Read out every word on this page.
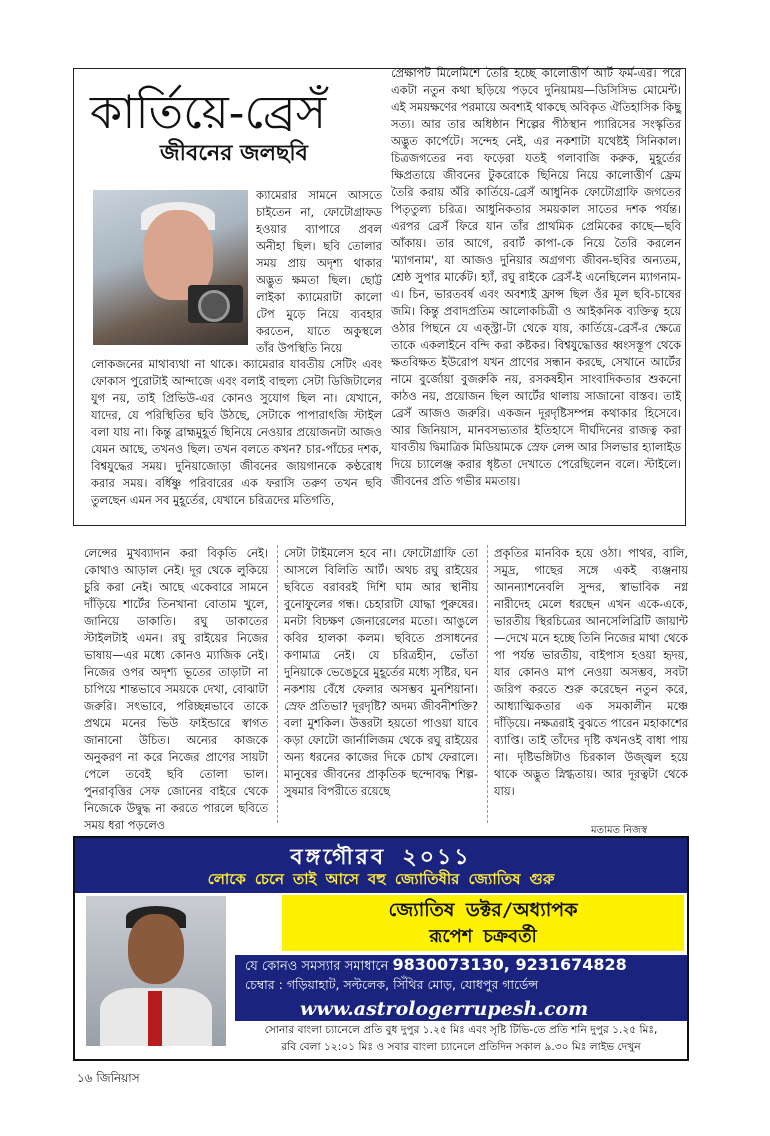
কার্তিয়ে-ব্রেসঁ
জীবনের জলছবি

ক্যামেরার সামনে আসতে চাইতেন না, ফোটোগ্রাফড হওয়ার ব্যাপারে প্রবল অনীহা ছিল। ছবি তোলার সময় প্রায় অদৃশ্য থাকার অদ্ভুত ক্ষমতা ছিল। ছোট্ট লাইকা ক্যামেরাটা কালো টেপ মুড়ে নিয়ে ব্যবহার করতেন, যাতে অকুস্থলে তাঁর উপস্থিতি নিয়ে

লোকজনের মাথাব্যথা না থাকে। ক্যামেরার যাবতীয় সেটিং এবং ফোকাস পুরোটাই আন্দাজে এবং বলাই বাহুল্য সেটা ডিজিটালের যুগ নয়, তাই প্রিভিউ-এর কোনও সুযোগ ছিল না। যেখানে, যাদের, যে পরিস্থিতির ছবি উঠছে, সেটাকে পাপারাৎজি স্টাইল বলা যায় না। কিন্তু ব্রাহ্মমুহূর্ত ছিনিয়ে নেওয়ার প্রয়োজনটা আজও যেমন আছে, তখনও ছিল। তখন বলতে কখন? চার-পাঁচের দশক, বিশ্বযুদ্ধের সময়। দুনিয়াজোড়া জীবনের জায়গানকে কণ্ঠরোধ করার সময়। বর্ধিষ্ণু পরিবারের এক ফরাসি তরুণ তখন ছবি তুলছেন এমন সব মুহূর্তের, যেখানে চরিত্রদের মতিগতি,

প্রেক্ষাপট মিলেমিশে তৈরি হচ্ছে কালোত্তীর্ণ আর্ট ফর্ম-এর। পরে একটা নতুন কথা ছড়িয়ে পড়বে দুনিয়াময়—ডিসিসিভ মোমেন্ট। এই সময়ক্ষণের পরমায়ে অবশ্যই থাকছে অবিকৃত ঐতিহাসিক কিছু সত্য। আর তার অধিষ্ঠান শিল্পের পীঠস্থান প্যারিসের সংস্কৃতির অদ্ভুত কার্পেটে। সন্দেহ নেই, এর নকশাটা যথেষ্টই সিনিকাল। চিত্রজগতের নব্য ফড়েরা যতই গলাবাজি করুক, মুহূর্তের ক্ষিপ্রতায়ে জীবনের টুকরোকে ছিনিয়ে নিয়ে কালোত্তীর্ণ ফ্রেম তৈরি করায় অঁরি কার্তিয়ে-ব্রেসঁ আধুনিক ফোটোগ্রাফি জগতের পিতৃতুল্য চরিত্র। আধুনিকতার সময়কাল সাতের দশক পর্যন্ত। এরপর ব্রেসঁ ফিরে যান তাঁর প্রাথমিক প্রেমিকের কাছে—ছবি আঁকায়। তার আগে, রবার্ট কাপা-কে নিয়ে তৈরি করলেন 'ম্যাগনাম', যা আজও দুনিয়ার অগ্রগণ্য জীবন-ছবির অন্যতম, শ্রেষ্ঠ সুপার মার্কেট। হ্যাঁ, রঘু রাইকে ব্রেসঁ-ই এনেছিলেন ম্যাগনাম-এ। চিন, ভারতবর্ষ এবং অবশ্যই ফ্রান্স ছিল ওঁর মূল ছবি-চাষের জমি। কিন্তু প্রবাদপ্রতিম আলোকচিত্রী ও আইকনিক ব্যক্তিত্ব হয়ে ওঠার পিছনে যে এক্স্ট্রা-টা থেকে যায়, কার্তিয়ে-ব্রেসঁ-র ক্ষেত্রে তাকে একলাইনে বন্দি করা কষ্টকর। বিশ্বযুদ্ধোত্তর ধ্বংসস্তূপ থেকে ক্ষতবিক্ষত ইউরোপ যখন প্রাণের সন্ধান করছে, সেখানে আর্টের নামে বুর্জোয়া বুজরুকি নয়, রসকষহীন সাংবাদিকতার শুকনো কাঠও নয়, প্রয়োজন ছিল আর্টের থালায় সাজানো বাস্তব। তাই ব্রেসঁ আজও জরুরি। একজন দূরদৃষ্টিসম্পন্ন কথাকার হিসেবে। আর জিনিয়াস, মানবসভ্যতার ইতিহাসে দীর্ঘদিনের রাজত্ব করা যাবতীয় দ্বিমাত্রিক মিডিয়ামকে স্রেফ লেন্স আর সিলভার হ্যালাইড দিয়ে চ্যালেঞ্জ করার ধৃষ্টতা দেখাতে পেরেছিলেন বলে। স্টাইলে। জীবনের প্রতি গভীর মমতায়।

লেন্সের মুখব্যাদান করা বিকৃতি নেই। কোথাও আড়াল নেই। দূর থেকে লুকিয়ে চুরি করা নেই। আছে একেবারে সামনে দাঁড়িয়ে শার্টের তিনখানা বোতাম খুলে, জানিয়ে ডাকাতি। রঘু ডাকাতের স্টাইলটাই এমন। রঘু রাইয়ের নিজের ভাষায়—এর মধ্যে কোনও ম্যাজিক নেই। নিজের ওপর অদৃশ্য ভূতের তাড়াটা না চাপিয়ে শান্তভাবে সময়কে দেখা, বোঝাটা জরুরি। সৎভাবে, পরিচ্ছন্নভাবে তাকে প্রথমে মনের ভিউ ফাইন্ডারে স্বাগত জানানো উচিত। অন্যের কাজকে অনুকরণ না করে নিজের প্রাণের সায়টা পেলে তবেই ছবি তোলা ভাল। পুনরাবৃত্তির সেফ জোনের বাইরে থেকে নিজেকে উদ্বুদ্ধ না করতে পারলে ছবিতে সময় ধরা পড়লেও

সেটা টাইমলেস হবে না। ফোটোগ্রাফি তো আসলে বিলিতি আর্ট। অথচ রঘু রাইয়ের ছবিতে বরাবরই দিশি ঘাম আর স্থানীয় বুনোফুলের গন্ধ। চেহারাটা যোদ্ধা পুরুষের। মনটা বিচক্ষণ জেনারেলের মতো। আঙুলে কবির হালকা কলম। ছবিতে প্রসাধনের কণামাত্র নেই। যে চরিত্রহীন, ভোঁতা দুনিয়াকে ভেঙেচুরে মুহূর্তের মধ্যে সৃষ্টির, ঘন নকশায় বেঁধে ফেলার অসম্ভব মুনশিয়ানা। স্রেফ প্রতিভা? দূরদৃষ্টি? অদম্য জীবনীশক্তি? বলা মুশকিল। উত্তরটা হয়তো পাওয়া যাবে কড়া ফোটো জার্নালিজম থেকে রঘু রাইয়ের অন্য ধরনের কাজের দিকে চোখ ফেরালে। মানুষের জীবনের প্রাকৃতিক ছন্দোবদ্ধ শিল্প-সুষমার বিপরীতে রয়েছে

প্রকৃতির মানবিক হয়ে ওঠা। পাথর, বালি, সমুদ্র, গাছের সঙ্গে একই ব্যঞ্জনায় আনন্যাশনেবলি সুন্দর, স্বাভাবিক নগ্ন নারীদেহ মেলে ধরছেন এখন একে-একে, ভারতীয় স্থিরচিত্রের আনসেলিব্রিটি জায়ান্ট—দেখে মনে হচ্ছে তিনি নিজের মাথা থেকে পা পর্যন্ত ভারতীয়, বাইপাস হওয়া হৃদয়, যার কোনও মাপ নেওয়া অসম্ভব, সবটা জরিপ করতে শুরু করেছেন নতুন করে, আধ্যাত্মিকতার এক সমকালীন মঞ্চে দাঁড়িয়ে। নক্ষত্ররাই বুঝতে পারেন মহাকাশের ব্যাপ্তি। তাই তাঁদের দৃষ্টি কখনওই বাধা পায় না। দৃষ্টিভঙ্গিটাও চিরকাল উজ্জ্বল হয়ে থাকে অদ্ভুত স্নিগ্ধতায়। আর দূরত্বটা থেকে যায়।

মতামত নিজস্ব
বঙ্গগৌরব ২০১১
লোকে চেনে তাই আসে বহু জ্যোতিষীর জ্যোতিষ গুরু
জ্যোতিষ ডক্টর/অধ্যাপক
রূপেশ চক্রবর্তী
যে কোনও সমস্যার সমাধানে 9830073130, 9231674828
চেম্বার : গড়িয়াহাট, সল্টলেক, সিঁথির মোড়, যোধপুর গার্ডেন্স
www.astrologerrupesh.com
সোনার বাংলা চ্যানেলে প্রতি বুধ দুপুর ১.২৫ মিঃ এবং সৃষ্টি টিভি-তে প্রতি শনি দুপুর ১.২৫ মিঃ,
রবি বেলা ১২:০১ মিঃ ও সবার বাংলা চ্যানেলে প্রতিদিন সকাল ৯.৩০ মিঃ লাইভ দেখুন
১৬ জিনিয়াস
